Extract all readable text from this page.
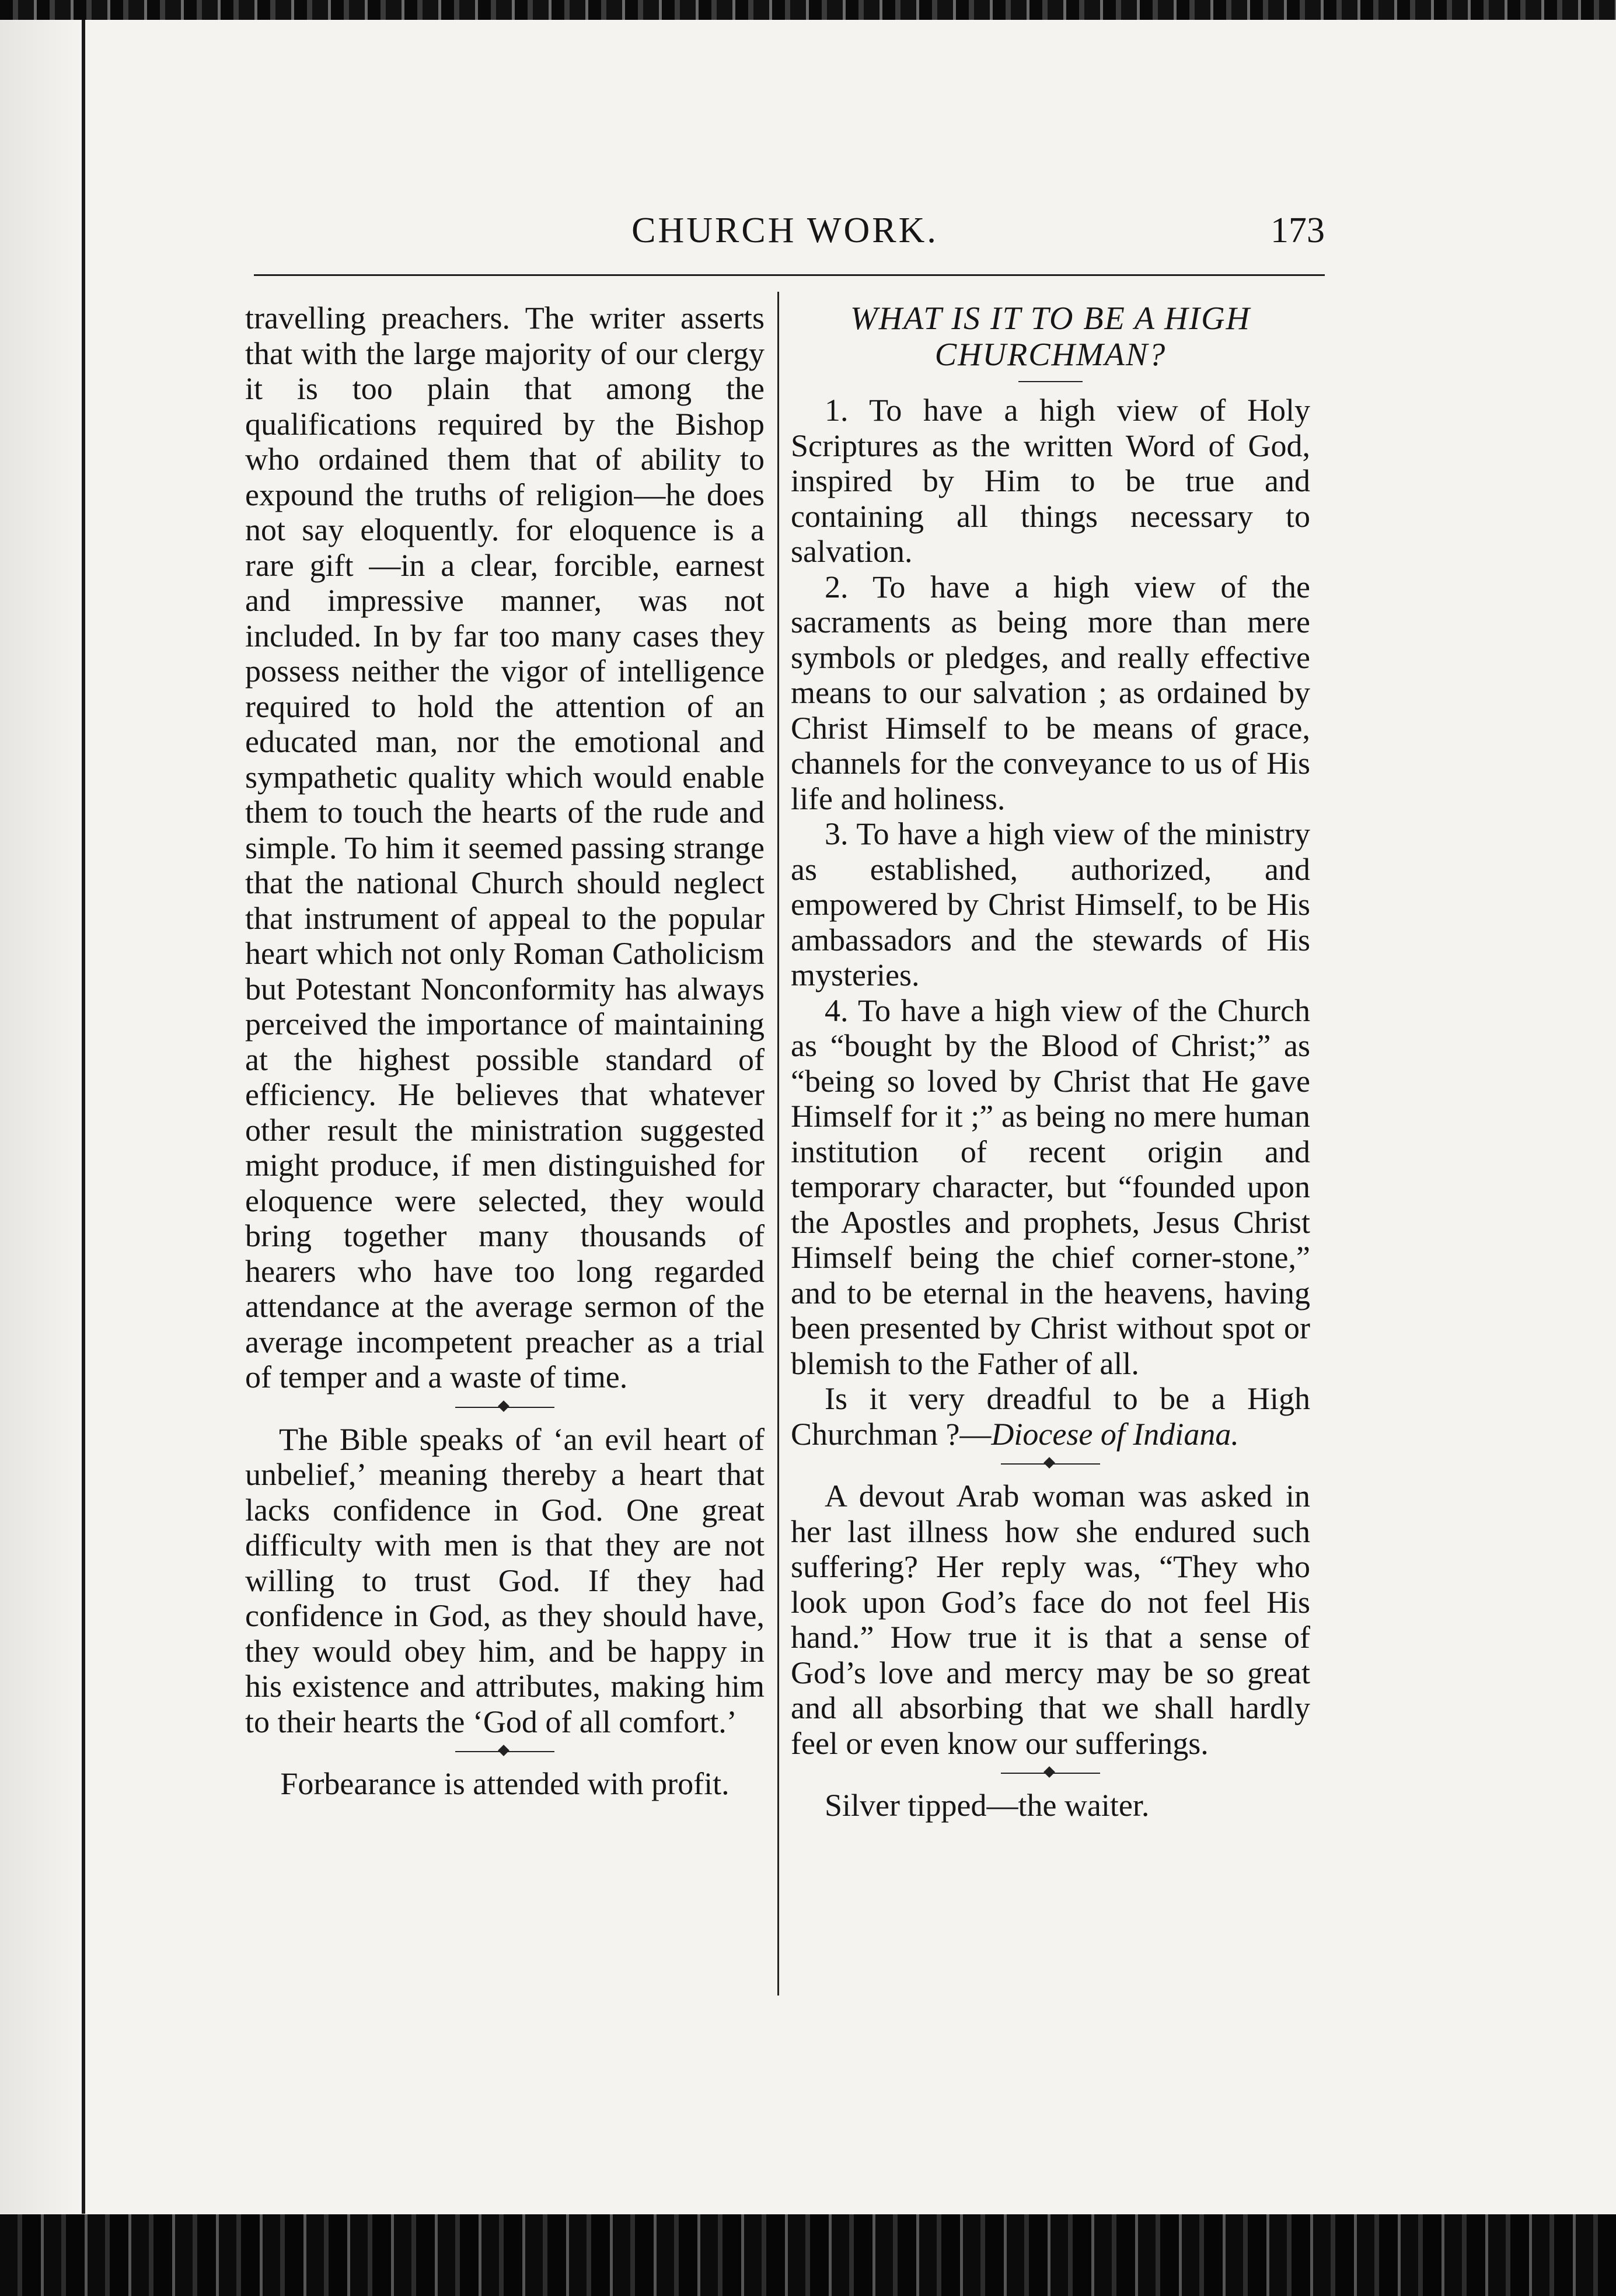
CHURCH WORK.	173

travelling preachers. The writer asserts that with the large majority of our clergy it is too plain that among the qualifications required by the Bishop who ordained them that of ability to expound the truths of religion—he does not say eloquently. for eloquence is a rare gift —in a clear, forcible, earnest and impressive manner, was not included. In by far too many cases they possess neither the vigor of intelligence required to hold the attention of an educated man, nor the emotional and sympathetic quality which would enable them to touch the hearts of the rude and simple. To him it seemed passing strange that the national Church should neglect that instrument of appeal to the popular heart which not only Roman Catholicism but Potestant Nonconformity has always perceived the importance of maintaining at the highest possible standard of efficiency. He believes that whatever other result the ministration suggested might produce, if men distinguished for eloquence were selected, they would bring together many thousands of hearers who have too long regarded attendance at the average sermon of the average incompetent preacher as a trial of temper and a waste of time.

The Bible speaks of ‘an evil heart of unbelief,’ meaning thereby a heart that lacks confidence in God. One great difficulty with men is that they are not willing to trust God. If they had confidence in God, as they should have, they would obey him, and be happy in his existence and attributes, making him to their hearts the ‘God of all comfort.’

Forbearance is attended with profit.

WHAT IS IT TO BE A HIGH
CHURCHMAN?

1. To have a high view of Holy Scriptures as the written Word of God, inspired by Him to be true and containing all things necessary to salvation.

2. To have a high view of the sacraments as being more than mere symbols or pledges, and really effective means to our salvation ; as ordained by Christ Himself to be means of grace, channels for the conveyance to us of His life and holiness.

3. To have a high view of the ministry as established, authorized, and empowered by Christ Himself, to be His ambassadors and the stewards of His mysteries.

4. To have a high view of the Church as “bought by the Blood of Christ;” as “being so loved by Christ that He gave Himself for it ;” as being no mere human institution of recent origin and temporary character, but “founded upon the Apostles and prophets, Jesus Christ Himself being the chief corner-stone,” and to be eternal in the heavens, having been presented by Christ without spot or blemish to the Father of all.

Is it very dreadful to be a High Churchman ?—Diocese of Indiana.

A devout Arab woman was asked in her last illness how she endured such suffering? Her reply was, “They who look upon God’s face do not feel His hand.” How true it is that a sense of God’s love and mercy may be so great and all absorbing that we shall hardly feel or even know our sufferings.

Silver tipped—the waiter.
